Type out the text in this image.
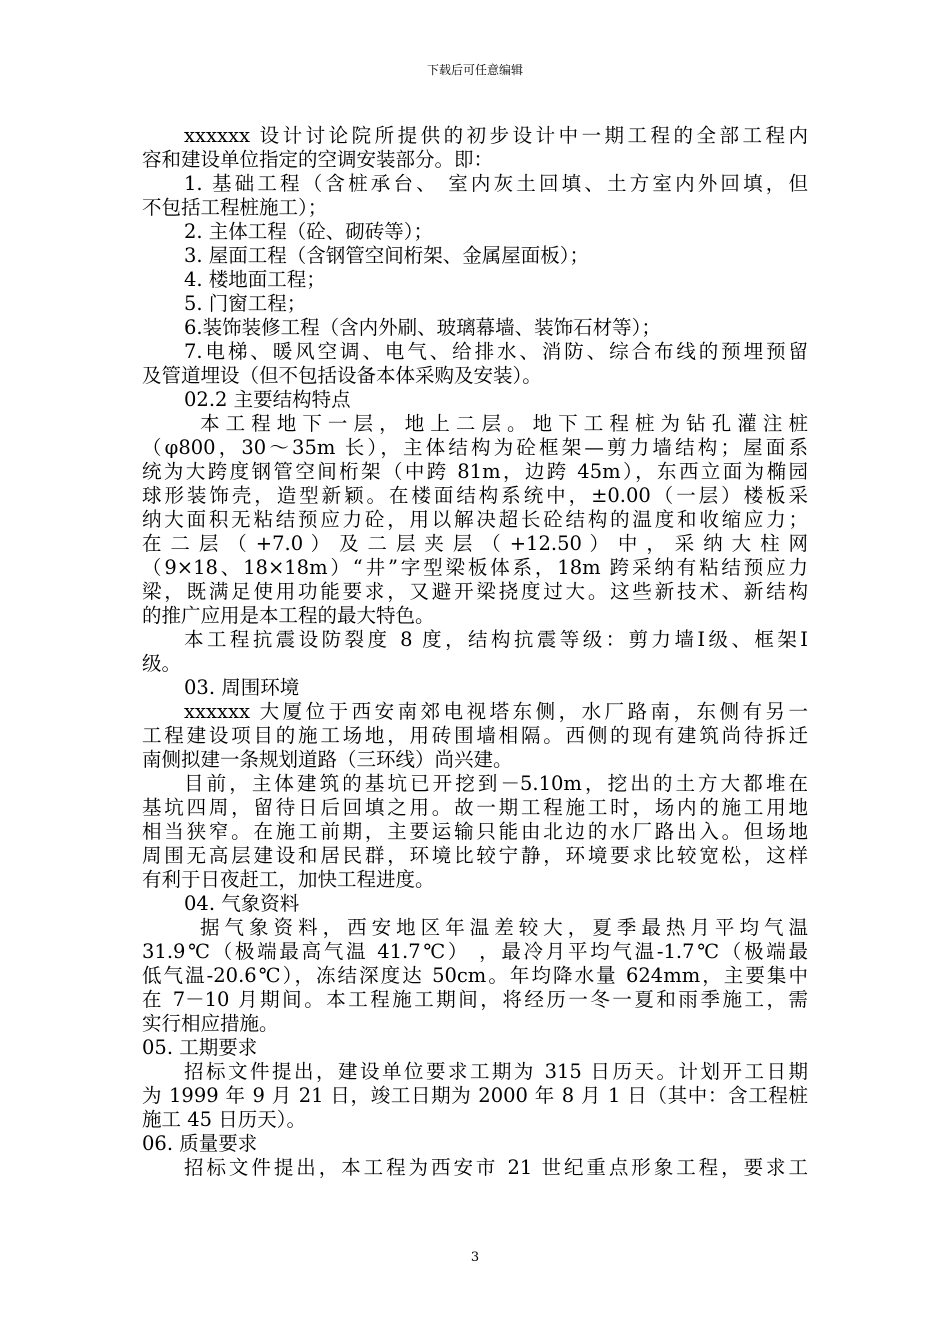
下载后可任意编辑

xxxxxx 设计讨论院所提供的初步设计中一期工程的全部工程内

容和建设单位指定的空调安装部分。即：

1. 基础工程（含桩承台、 室内灰土回填、土方室内外回填，但

不包括工程桩施工）；

2. 主体工程（砼、砌砖等）；

3. 屋面工程（含钢管空间桁架、金属屋面板）；

4. 楼地面工程；

5. 门窗工程；

6.装饰装修工程（含内外刷、玻璃幕墙、装饰石材等）；

7.电梯、暖风空调、电气、给排水、消防、综合布线的预埋预留

及管道埋设（但不包括设备本体采购及安装）。

02.2 主要结构特点

本工程地下一层，地上二层。地下工程桩为钻孔灌注桩

（φ800，30～35m 长），主体结构为砼框架—剪力墙结构；屋面系

统为大跨度钢管空间桁架（中跨 81m，边跨 45m），东西立面为椭园

球形装饰壳，造型新颖。在楼面结构系统中，±0.00（一层）楼板采

纳大面积无粘结预应力砼，用以解决超长砼结构的温度和收缩应力；

在 二 层 （ +7.0 ） 及 二 层 夹 层 （ +12.50 ） 中 ， 采 纳 大 柱 网

（9×18、18×18m）“井”字型梁板体系，18m 跨采纳有粘结预应力

梁，既满足使用功能要求，又避开梁挠度过大。这些新技术、新结构

的推广应用是本工程的最大特色。

本工程抗震设防裂度 8 度，结构抗震等级：剪力墙Ⅰ级、框架Ⅰ

级。

03. 周围环境

xxxxxx 大厦位于西安南郊电视塔东侧，水厂路南，东侧有另一

工程建设项目的施工场地，用砖围墙相隔。西侧的现有建筑尚待拆迁

南侧拟建一条规划道路（三环线）尚兴建。

目前，主体建筑的基坑已开挖到－5.10m，挖出的土方大都堆在

基坑四周，留待日后回填之用。故一期工程施工时，场内的施工用地

相当狭窄。在施工前期，主要运输只能由北边的水厂路出入。但场地

周围无高层建设和居民群，环境比较宁静，环境要求比较宽松，这样

有利于日夜赶工，加快工程进度。

04. 气象资料

据气象资料，西安地区年温差较大，夏季最热月平均气温

31.9℃（极端最高气温 41.7℃） ，最冷月平均气温-1.7℃（极端最

低气温-20.6℃），冻结深度达 50cm。年均降水量 624mm，主要集中

在 7－10 月期间。本工程施工期间，将经历一冬一夏和雨季施工，需

实行相应措施。

05. 工期要求

招标文件提出，建设单位要求工期为 315 日历天。计划开工日期

为 1999 年 9 月 21 日，竣工日期为 2000 年 8 月 1 日（其中：含工程桩

施工 45 日历天）。

06. 质量要求

招标文件提出，本工程为西安市 21 世纪重点形象工程，要求工

3
